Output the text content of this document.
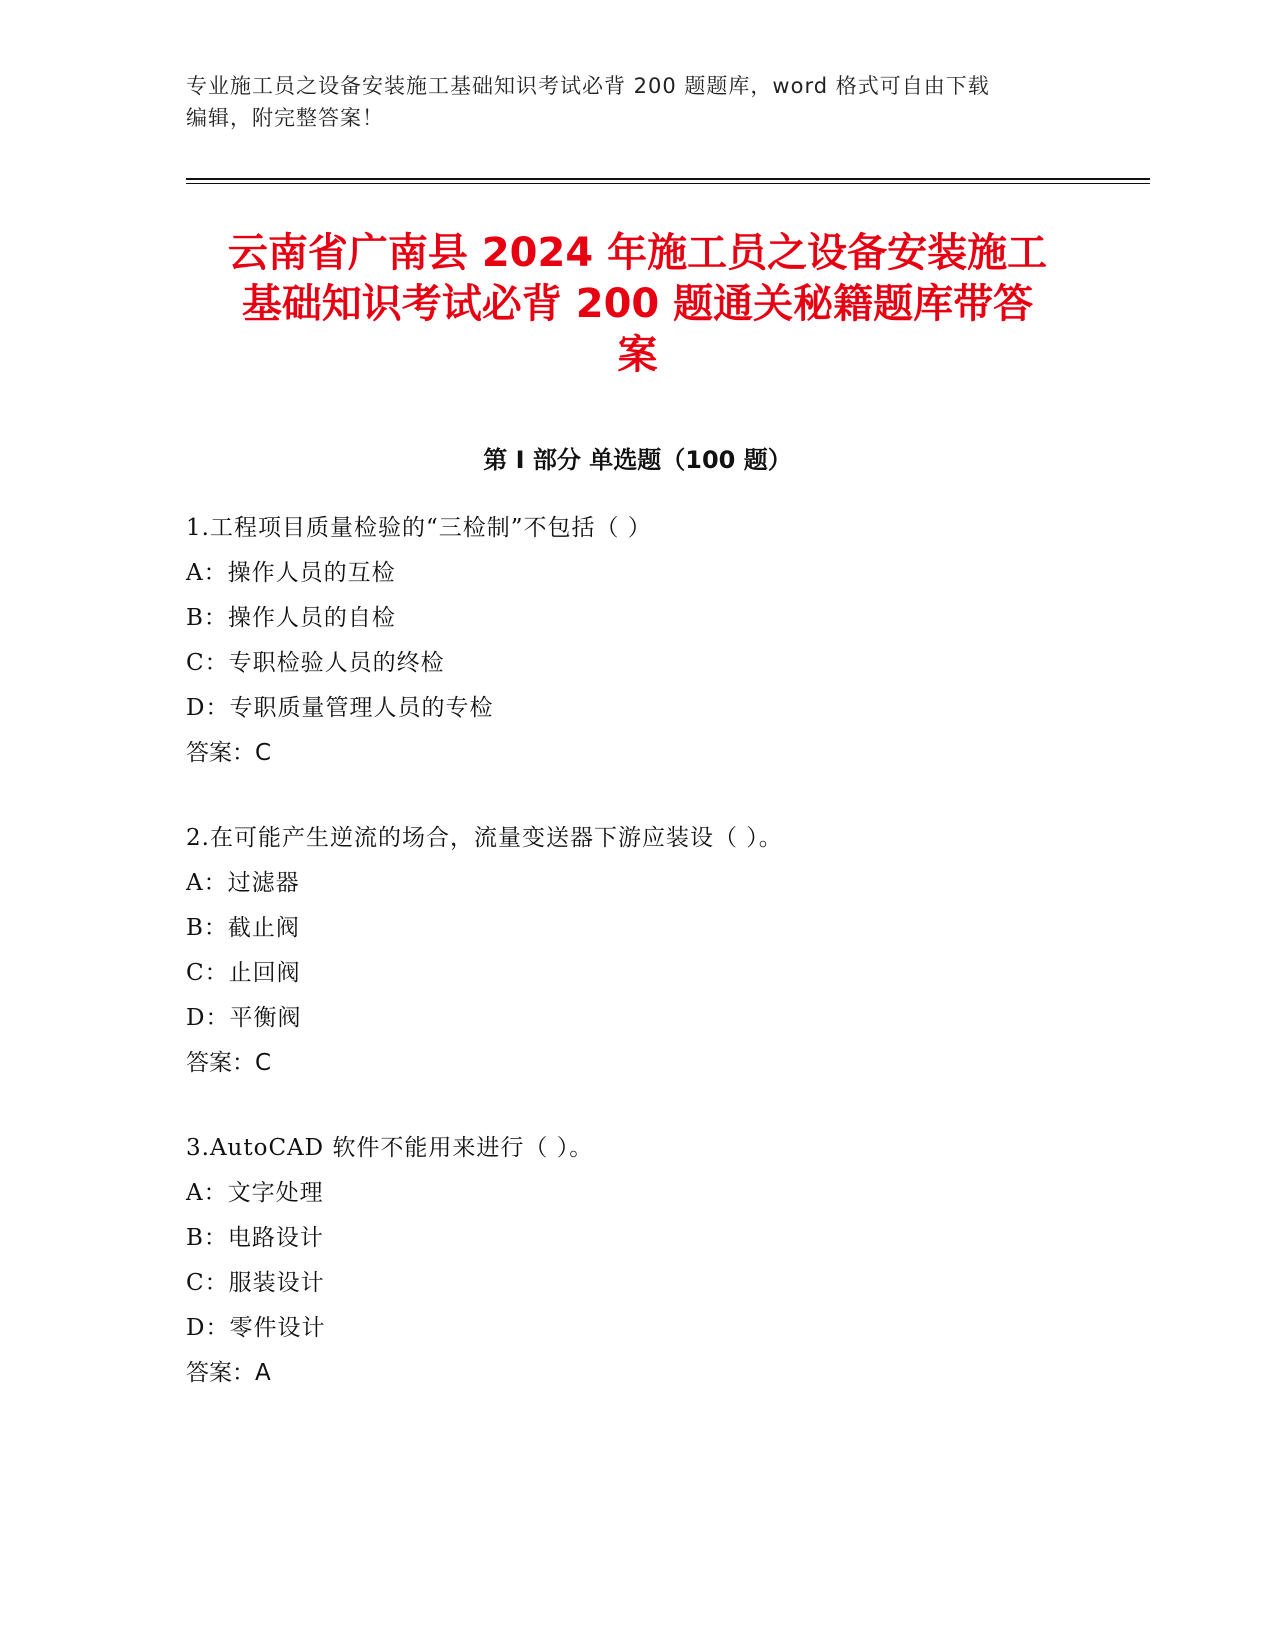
专业施工员之设备安装施工基础知识考试必背 200 题题库，word 格式可自由下载
编辑，附完整答案！
云南省广南县 2024 年施工员之设备安装施工
基础知识考试必背 200 题通关秘籍题库带答
案
第 I 部分 单选题（100 题）
1.工程项目质量检验的“三检制”不包括（ ）
A：操作人员的互检
B：操作人员的自检
C：专职检验人员的终检
D：专职质量管理人员的专检
答案：C
2.在可能产生逆流的场合，流量变送器下游应装设（ ）。
A：过滤器
B：截止阀
C：止回阀
D：平衡阀
答案：C
3.AutoCAD 软件不能用来进行（ ）。
A：文字处理
B：电路设计
C：服装设计
D：零件设计
答案：A
